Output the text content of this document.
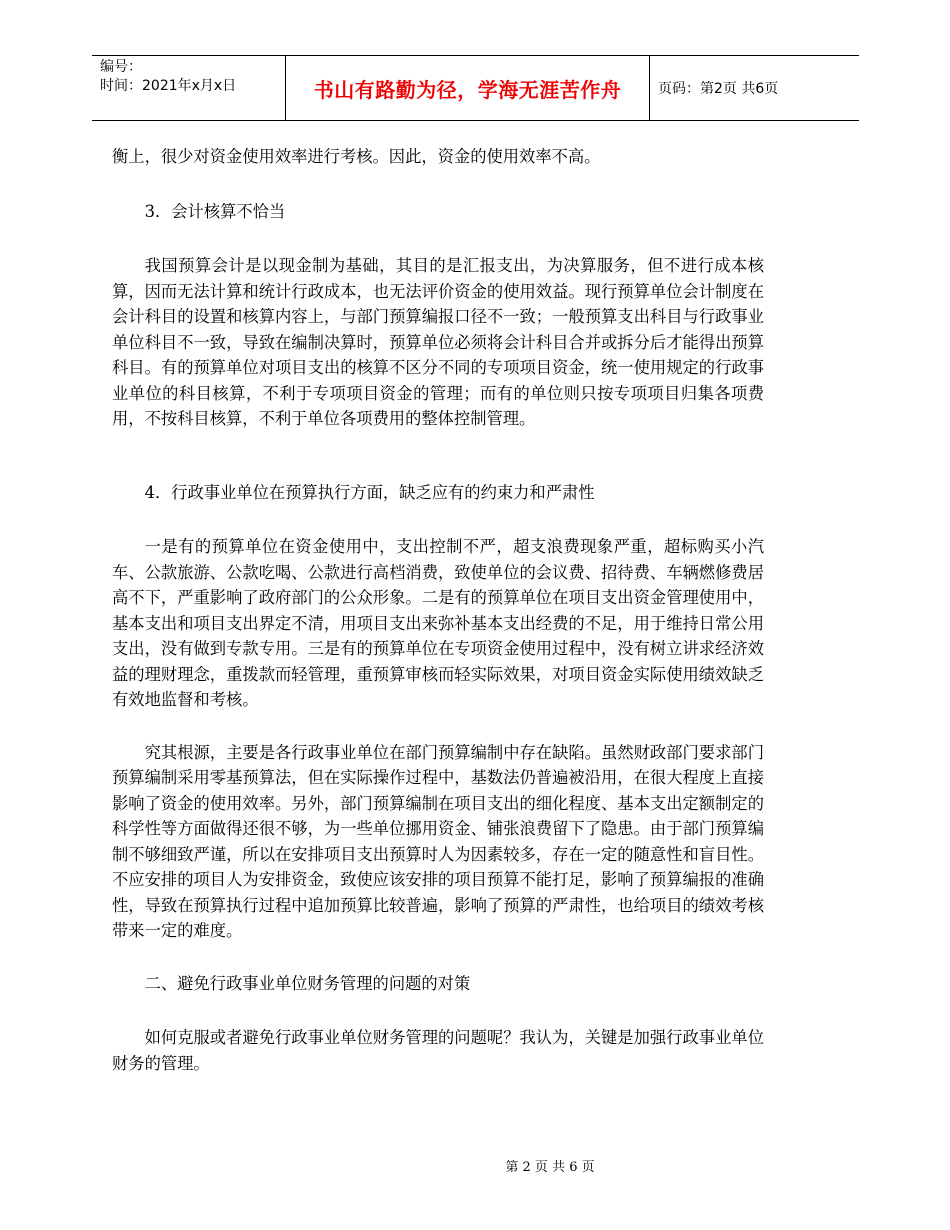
编号：
时间：2021年x月x日	书山有路勤为径，学海无涯苦作舟	页码：第2页 共6页

衡上，很少对资金使用效率进行考核。因此，资金的使用效率不高。

3．会计核算不恰当

我国预算会计是以现金制为基础，其目的是汇报支出，为决算服务，但不进行成本核算，因而无法计算和统计行政成本，也无法评价资金的使用效益。现行预算单位会计制度在会计科目的设置和核算内容上，与部门预算编报口径不一致；一般预算支出科目与行政事业单位科目不一致，导致在编制决算时，预算单位必须将会计科目合并或拆分后才能得出预算科目。有的预算单位对项目支出的核算不区分不同的专项项目资金，统一使用规定的行政事业单位的科目核算，不利于专项项目资金的管理；而有的单位则只按专项项目归集各项费用，不按科目核算，不利于单位各项费用的整体控制管理。

4．行政事业单位在预算执行方面，缺乏应有的约束力和严肃性

一是有的预算单位在资金使用中，支出控制不严，超支浪费现象严重，超标购买小汽车、公款旅游、公款吃喝、公款进行高档消费，致使单位的会议费、招待费、车辆燃修费居高不下，严重影响了政府部门的公众形象。二是有的预算单位在项目支出资金管理使用中，基本支出和项目支出界定不清，用项目支出来弥补基本支出经费的不足，用于维持日常公用支出，没有做到专款专用。三是有的预算单位在专项资金使用过程中，没有树立讲求经济效益的理财理念，重拨款而轻管理，重预算审核而轻实际效果，对项目资金实际使用绩效缺乏有效地监督和考核。

究其根源，主要是各行政事业单位在部门预算编制中存在缺陷。虽然财政部门要求部门预算编制采用零基预算法，但在实际操作过程中，基数法仍普遍被沿用，在很大程度上直接影响了资金的使用效率。另外，部门预算编制在项目支出的细化程度、基本支出定额制定的科学性等方面做得还很不够，为一些单位挪用资金、铺张浪费留下了隐患。由于部门预算编制不够细致严谨，所以在安排项目支出预算时人为因素较多，存在一定的随意性和盲目性。不应安排的项目人为安排资金，致使应该安排的项目预算不能打足，影响了预算编报的准确性，导致在预算执行过程中追加预算比较普遍，影响了预算的严肃性，也给项目的绩效考核带来一定的难度。

二、避免行政事业单位财务管理的问题的对策

如何克服或者避免行政事业单位财务管理的问题呢？我认为，关键是加强行政事业单位财务的管理。

第 2 页 共 6 页
